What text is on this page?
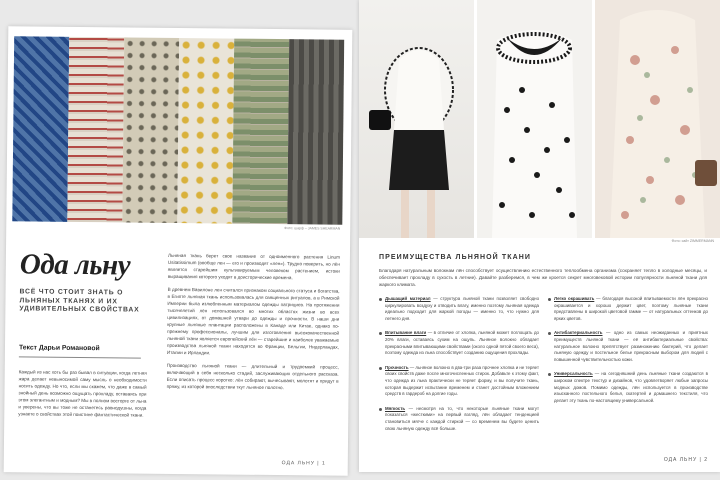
Фото: шарф – JAMES SHEARMAN
Ода льну
ВСЁ ЧТО СТОИТ ЗНАТЬ О ЛЬНЯНЫХ ТКАНЯХ И ИХ УДИВИТЕЛЬНЫХ СВОЙСТВАХ
Текст Дарьи Романовой

Каждый из нас хоть бы раз бывал в ситуации, когда летняя жара делает невыносимой саму мысль о необходимости носить одежду. Но что, если мы скажем, что даже в самый знойный день возможно ощущать прохладу, оставаясь при этом элегантным и модным? Мы в полном восторге от льна и уверены, что вы тоже не останетесь равнодушны, когда узнаете о свойствах этой поистине фантастической ткани.

Льняная ткань берет свое название от одноименного растения Linum Usitatissimum (вообще лен — его и производят «лен»). Трудно поверить, но лён является старейшим культивируемым человеком растением, истоки выращивания которого уходят в доисторические времена.

В древнем Вавилоне лен считался признаком социального статуса и богатства, в Египте льняная ткань использовалась для священных ритуалов, а в Римской Империи была излюбленным материалом одежды патрициев. На протяжении тысячелетий лён использовался во многих областях жизни во всех цивилизациях, от домашней утвари до одежды и прочности. В наши дни крупные льняные плантации расположены в Канаде или Китае, однако по-прежнему профессионалы, лучшим для изготовления высококачественной льняной ткани является европейский лён — старейшие и наиболее уважаемые производства льняной ткани находятся во Франции, Бельгии, Нидерландах, Италии и Ирландии.

Производство льняной ткани — длительный и трудоемкий процесс, включающий в себя несколько стадий, заслуживающих отдельного рассказа. Если описать процесс коротко: лён собирают, вычесывают, молотят и придут в пряжу, из которой впоследствии ткут льняное полотно.

ОДА ЛЬНУ | 1
Фото: сайт ZIMMERMANN
ПРЕИМУЩЕСТВА ЛЬНЯНОЙ ТКАНИ

Благодаря натуральным волокнам лён способствует осуществлению естественного теплообмена организма (сохраняет тепло в холодные месяцы, и обеспечивает прохладу в сухость в летние). Давайте разберемся, в чем же кроется секрет многовековой истории популярности льняной ткани для жаркого климата.

Дышащий материал — структура льняной ткани позволяет свободно циркулировать воздуху и отводить влагу, именно поэтому льняная одежда идеально подходит для жаркой погоды — именно то, что нужно для летнего дня.
Впитывание влаги — в отличие от хлопка, льняной может поглощать до 20% влаги, оставаясь сухим на ощупь. Льняное волокно обладает прекрасными впитывающими свойствами (около одной пятой своего веса), поэтому одежда из льна способствует созданию ощущения прохлады.
Прочность — льняное волокно в два-три раза прочнее хлопка и не теряет своих свойств даже после многочисленных стирок. Добавьте к этому факт, что одежда из льна практически не теряет форму, и вы получите ткань, которая выдержит испытание временем и станет достойным вложением средств в гардероб на долгие годы.
Мягкость — несмотря на то, что некоторые льняные ткани могут показаться «жесткими» на первый взгляд, лён обладает тенденцией становиться мягче с каждой стиркой — со временем вы будете ценить свою льняную одежду всё больше.
Легко окрашивать — благодаря высокой впитываемости лён прекрасно окрашивается и хорошо держит цвет, поэтому льняные ткани представлены в широкой цветовой гамме — от натуральных оттенков до ярких цветов.
Антибактериальность — одно из самых неожиданных и приятных преимуществ льняной ткани — её антибактериальные свойства: натуральное волокно препятствует размножению бактерий, что делает льняную одежду и постельное белье прекрасным выбором для людей с повышенной чувствительностью кожи.
Универсальность — на сегодняшний день льняные ткани создаются в широком спектре текстур и дизайнов, что удовлетворяет любые запросы модных домов. Помимо одежды, лён используется в производстве изысканного постельного белья, скатертей и домашнего текстиля, что делает эту ткань по-настоящему универсальной.
ОДА ЛЬНУ | 2
